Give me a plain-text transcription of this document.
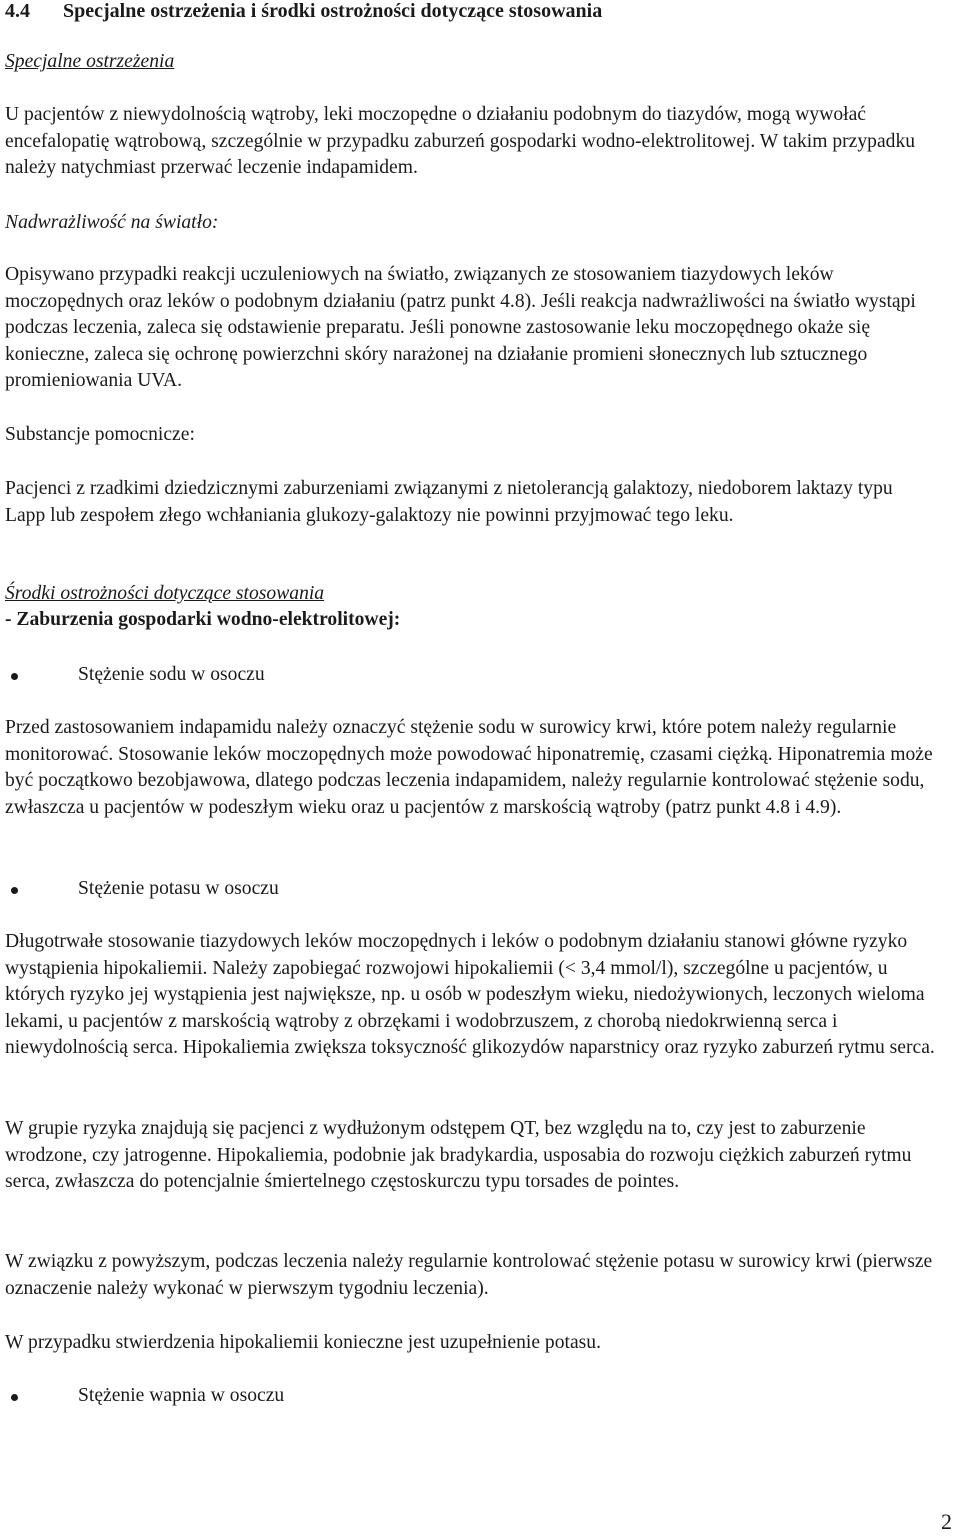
4.4 Specjalne ostrzeżenia i środki ostrożności dotyczące stosowania

Specjalne ostrzeżenia

U pacjentów z niewydolnością wątroby, leki moczopędne o działaniu podobnym do tiazydów, mogą wywołać encefalopatię wątrobową, szczególnie w przypadku zaburzeń gospodarki wodno-elektrolitowej. W takim przypadku należy natychmiast przerwać leczenie indapamidem.

Nadwrażliwość na światło:

Opisywano przypadki reakcji uczuleniowych na światło, związanych ze stosowaniem tiazydowych leków moczopędnych oraz leków o podobnym działaniu (patrz punkt 4.8). Jeśli reakcja nadwrażliwości na światło wystąpi podczas leczenia, zaleca się odstawienie preparatu. Jeśli ponowne zastosowanie leku moczopędnego okaże się konieczne, zaleca się ochronę powierzchni skóry narażonej na działanie promieni słonecznych lub sztucznego promieniowania UVA.

Substancje pomocnicze:

Pacjenci z rzadkimi dziedzicznymi zaburzeniami związanymi z nietolerancją galaktozy, niedoborem laktazy typu Lapp lub zespołem złego wchłaniania glukozy-galaktozy nie powinni przyjmować tego leku.

Środki ostrożności dotyczące stosowania

- Zaburzenia gospodarki wodno-elektrolitowej:

Stężenie sodu w osoczu

Przed zastosowaniem indapamidu należy oznaczyć stężenie sodu w surowicy krwi, które potem należy regularnie monitorować. Stosowanie leków moczopędnych może powodować hiponatremię, czasami ciężką. Hiponatremia może być początkowo bezobjawowa, dlatego podczas leczenia indapamidem, należy regularnie kontrolować stężenie sodu, zwłaszcza u pacjentów w podeszłym wieku oraz u pacjentów z marskością wątroby (patrz punkt 4.8 i 4.9).

Stężenie potasu w osoczu

Długotrwałe stosowanie tiazydowych leków moczopędnych i leków o podobnym działaniu stanowi główne ryzyko wystąpienia hipokaliemii. Należy zapobiegać rozwojowi hipokaliemii (< 3,4 mmol/l), szczególne u pacjentów, u których ryzyko jej wystąpienia jest największe, np. u osób w podeszłym wieku, niedożywionych, leczonych wieloma lekami, u pacjentów z marskością wątroby z obrzękami i wodobrzuszem, z chorobą niedokrwienną serca i niewydolnością serca. Hipokaliemia zwiększa toksyczność glikozydów naparstnicy oraz ryzyko zaburzeń rytmu serca.

W grupie ryzyka znajdują się pacjenci z wydłużonym odstępem QT, bez względu na to, czy jest to zaburzenie wrodzone, czy jatrogenne. Hipokaliemia, podobnie jak bradykardia, usposabia do rozwoju ciężkich zaburzeń rytmu serca, zwłaszcza do potencjalnie śmiertelnego częstoskurczu typu torsades de pointes.

W związku z powyższym, podczas leczenia należy regularnie kontrolować stężenie potasu w surowicy krwi (pierwsze oznaczenie należy wykonać w pierwszym tygodniu leczenia).

W przypadku stwierdzenia hipokaliemii konieczne jest uzupełnienie potasu.

Stężenie wapnia w osoczu
2
